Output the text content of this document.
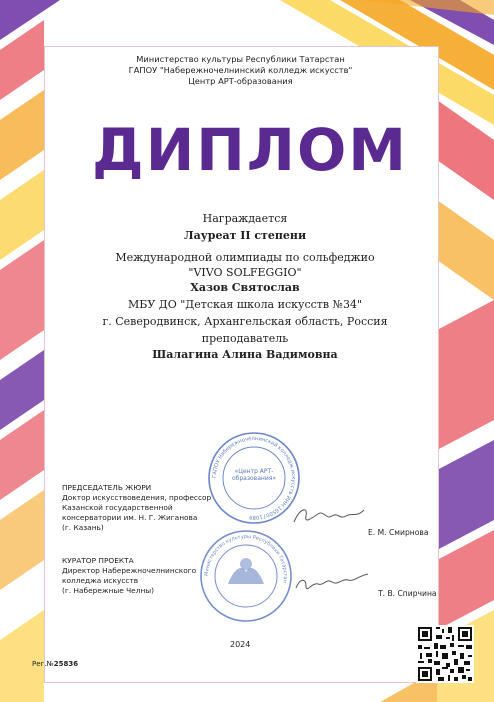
Министерство культуры Республики Татарстан
ГАПОУ "Набережночелнинский колледж искусств"
Центр АРТ-образования
ДИПЛОМ
Награждается
Лауреат II степени
Международной олимпиады по сольфеджио
"VIVO SOLFEGGIO"
Хазов Святослав
МБУ ДО "Детская школа искусств №34"
г. Северодвинск, Архангельская область, Россия
преподаватель
Шалагина Алина Вадимовна
ГАПОУ Набережночелнинский колледж искусств ИНН 1650071089
«Центр АРТ-образования»
ПРЕДСЕДАТЕЛЬ ЖЮРИ
Доктор искусствоведения, профессор
Казанской государственной
консерватории им. Н. Г. Жиганова
(г. Казань)
Е. М. Смирнова
Министерство культуры Республики Татарстан
КУРАТОР ПРОЕКТА
Директор Набережночелнинского
колледжа искусств
(г. Набережные Челны)	Т. В. Спирчина
2024
Рег.№25836
